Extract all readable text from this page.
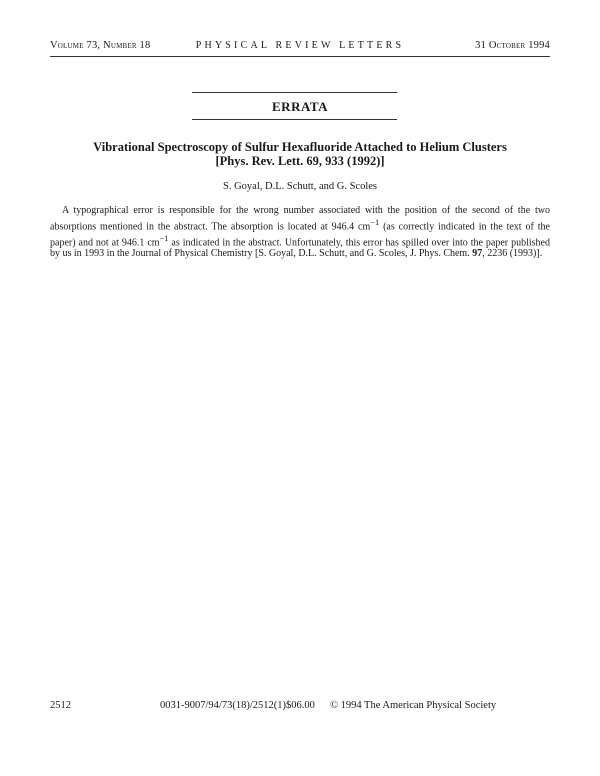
Volume 73, Number 18	PHYSICAL REVIEW LETTERS	31 October 1994
ERRATA
Vibrational Spectroscopy of Sulfur Hexafluoride Attached to Helium Clusters
[Phys. Rev. Lett. 69, 933 (1992)]
S. Goyal, D.L. Schutt, and G. Scoles
A typographical error is responsible for the wrong number associated with the position of the second of the two absorptions mentioned in the abstract. The absorption is located at 946.4 $cm^{-1}$ (as correctly indicated in the text of the paper) and not at 946.1 $cm^{-1}$ as indicated in the abstract. Unfortunately, this error has spilled over into the paper published by us in 1993 in the Journal of Physical Chemistry [S. Goyal, D.L. Schutt, and G. Scoles, J. Phys. Chem. 97, 2236 (1993)].
2512	0031-9007/94/73(18)/2512(1)$06.00 © 1994 The American Physical Society
